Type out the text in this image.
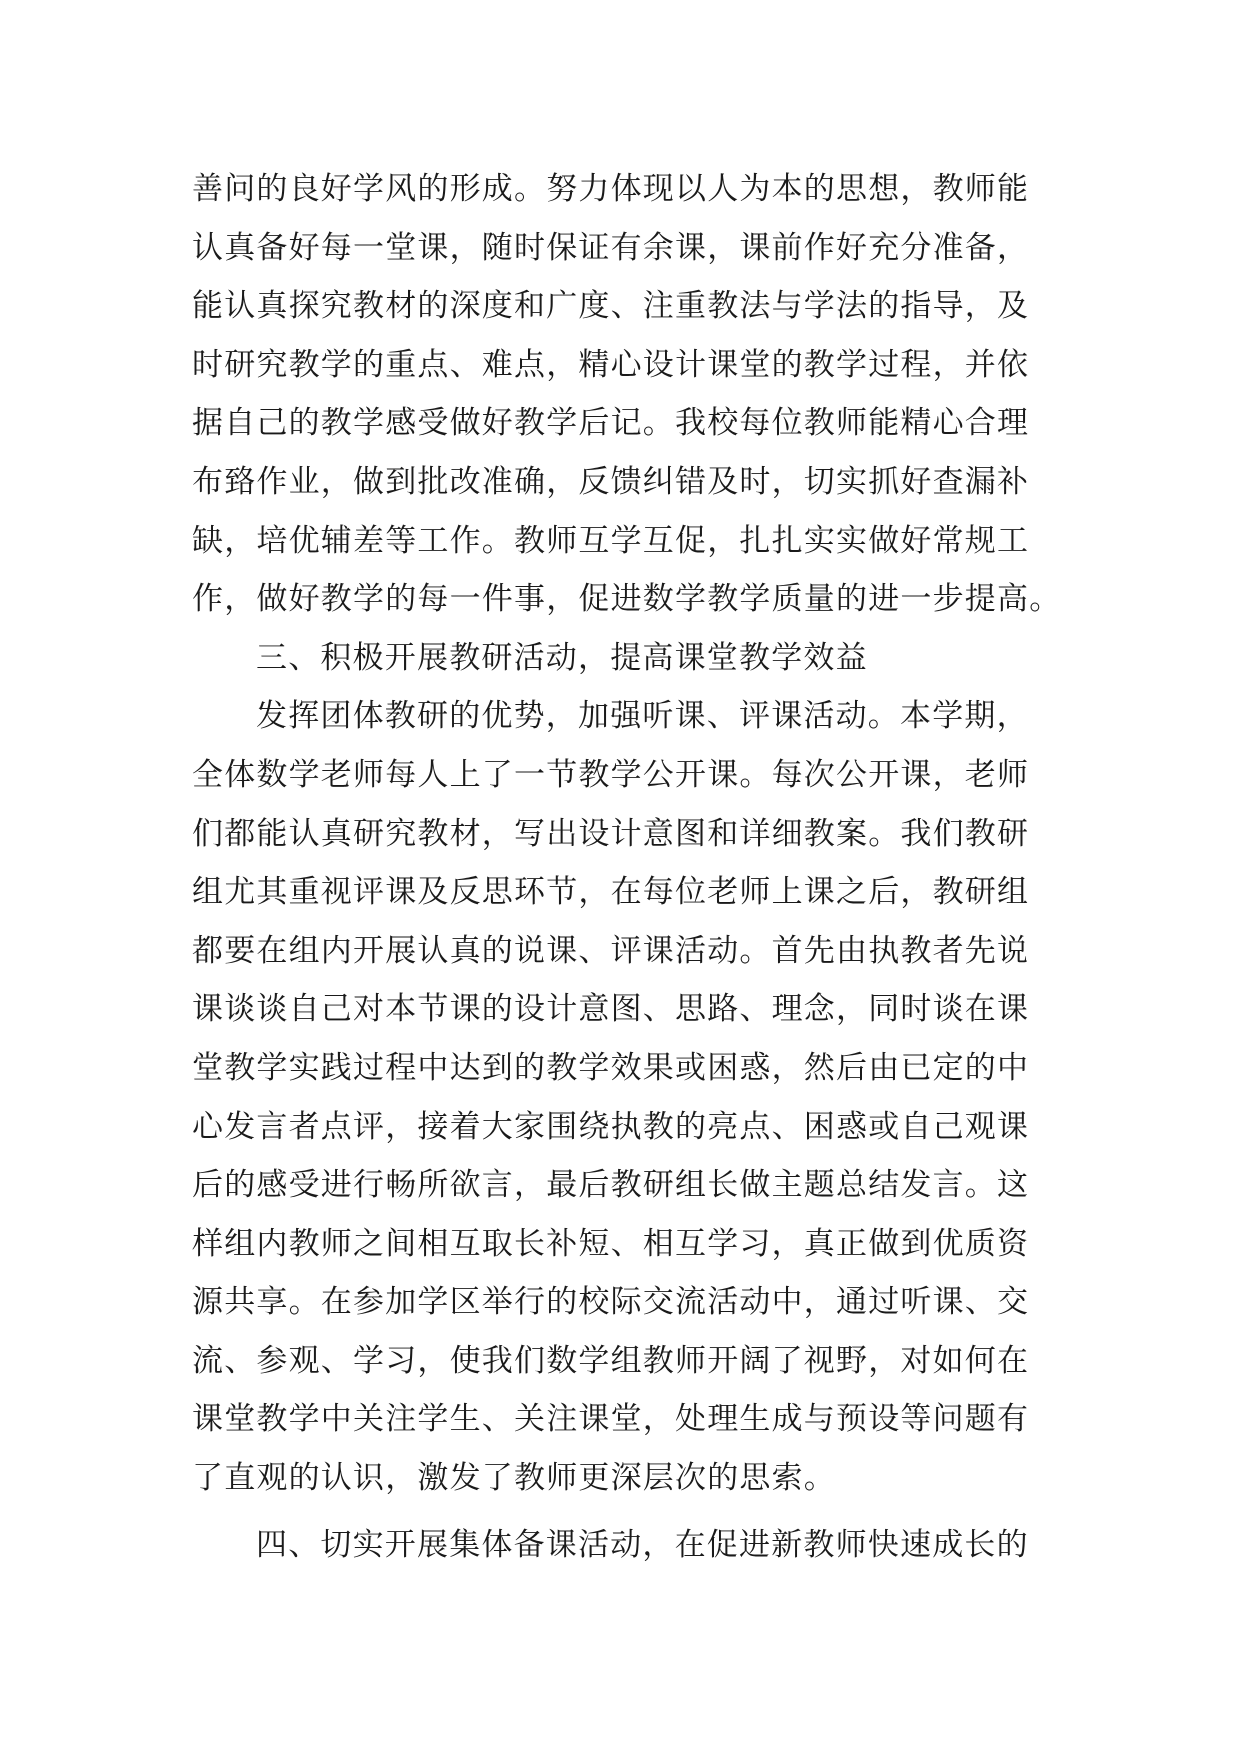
善问的良好学风的形成。努力体现以人为本的思想，教师能
认真备好每一堂课，随时保证有余课，课前作好充分准备，
能认真探究教材的深度和广度、注重教法与学法的指导，及
时研究教学的重点、难点，精心设计课堂的教学过程，并依
据自己的教学感受做好教学后记。我校每位教师能精心合理
布臵作业，做到批改准确，反馈纠错及时，切实抓好查漏补
缺，培优辅差等工作。教师互学互促，扎扎实实做好常规工
作，做好教学的每一件事，促进数学教学质量的进一步提高。
三、积极开展教研活动，提高课堂教学效益
发挥团体教研的优势，加强听课、评课活动。本学期，
全体数学老师每人上了一节教学公开课。每次公开课，老师
们都能认真研究教材，写出设计意图和详细教案。我们教研
组尤其重视评课及反思环节，在每位老师上课之后，教研组
都要在组内开展认真的说课、评课活动。首先由执教者先说
课谈谈自己对本节课的设计意图、思路、理念，同时谈在课
堂教学实践过程中达到的教学效果或困惑，然后由已定的中
心发言者点评，接着大家围绕执教的亮点、困惑或自己观课
后的感受进行畅所欲言，最后教研组长做主题总结发言。这
样组内教师之间相互取长补短、相互学习，真正做到优质资
源共享。在参加学区举行的校际交流活动中，通过听课、交
流、参观、学习，使我们数学组教师开阔了视野，对如何在
课堂教学中关注学生、关注课堂，处理生成与预设等问题有
了直观的认识，激发了教师更深层次的思索。
四、切实开展集体备课活动，在促进新教师快速成长的
